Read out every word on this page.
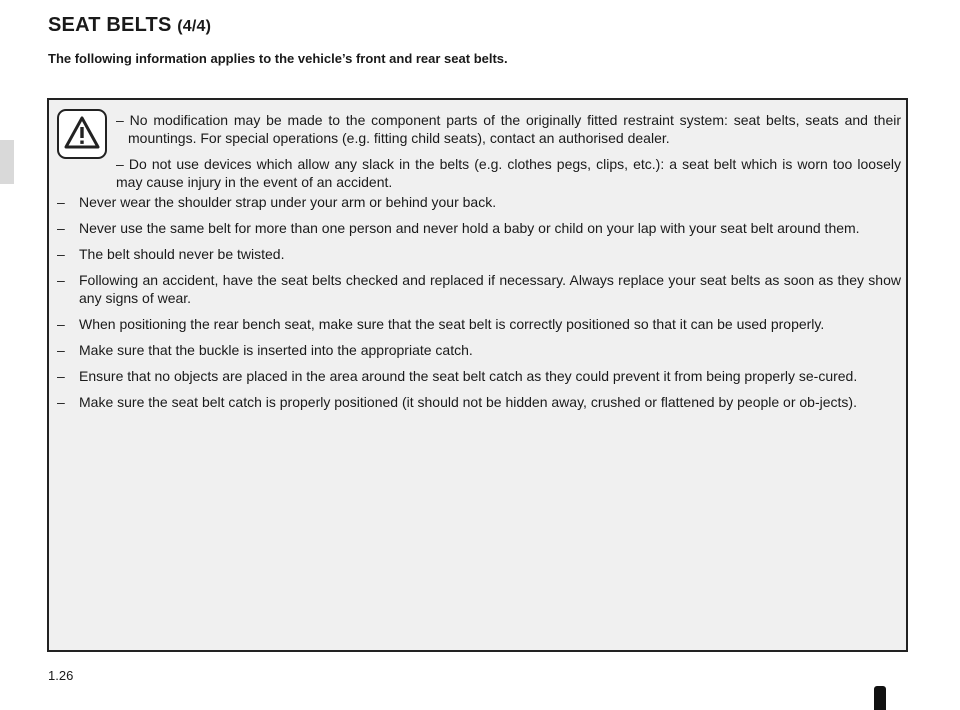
SEAT BELTS (4/4)

The following information applies to the vehicle’s front and rear seat belts.

– No modification may be made to the component parts of the originally fitted restraint system: seat belts, seats and their mountings. For special operations (e.g. fitting child seats), contact an authorised dealer.

– Do not use devices which allow any slack in the belts (e.g. clothes pegs, clips, etc.): a seat belt which is worn too loosely may cause injury in the event of an accident.

– Never wear the shoulder strap under your arm or behind your back.
– Never use the same belt for more than one person and never hold a baby or child on your lap with your seat belt around them.
– The belt should never be twisted.
– Following an accident, have the seat belts checked and replaced if necessary. Always replace your seat belts as soon as they show any signs of wear.
– When positioning the rear bench seat, make sure that the seat belt is correctly positioned so that it can be used properly.
– Make sure that the buckle is inserted into the appropriate catch.
– Ensure that no objects are placed in the area around the seat belt catch as they could prevent it from being properly se-cured.
– Make sure the seat belt catch is properly positioned (it should not be hidden away, crushed or flattened by people or ob-jects).
1.26
